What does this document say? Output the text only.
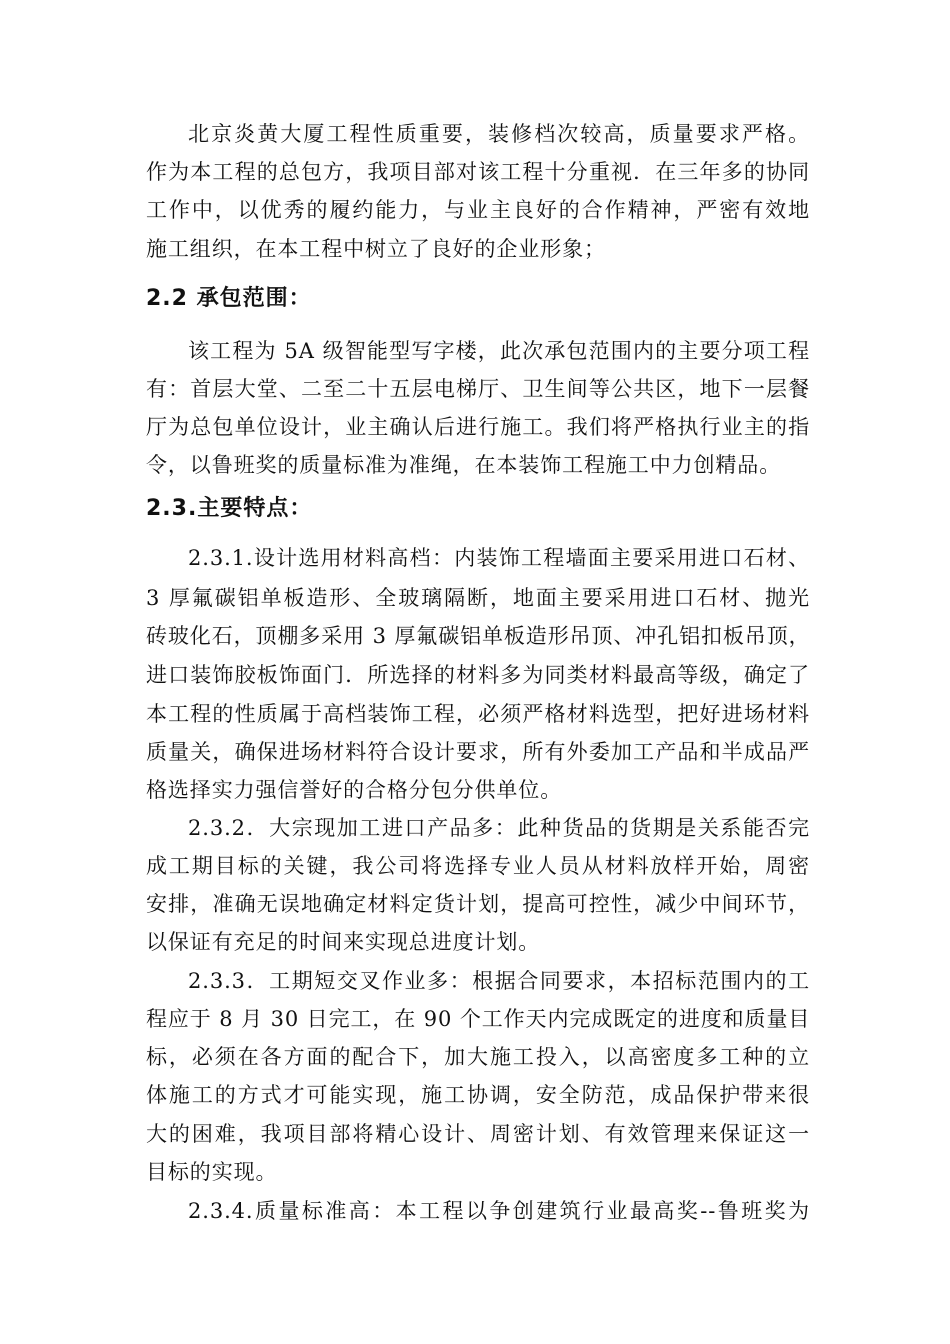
北京炎黄大厦工程性质重要，装修档次较高，质量要求严格。
作为本工程的总包方，我项目部对该工程十分重视．在三年多的协同
工作中，以优秀的履约能力，与业主良好的合作精神，严密有效地
施工组织，在本工程中树立了良好的企业形象；
2.2 承包范围：
该工程为 5A 级智能型写字楼，此次承包范围内的主要分项工程
有：首层大堂、二至二十五层电梯厅、卫生间等公共区，地下一层餐
厅为总包单位设计，业主确认后进行施工。我们将严格执行业主的指
令，以鲁班奖的质量标准为准绳，在本装饰工程施工中力创精品。
2.3.主要特点：
2.3.1.设计选用材料高档：内装饰工程墙面主要采用进口石材、
3 厚氟碳铝单板造形、全玻璃隔断，地面主要采用进口石材、抛光
砖玻化石，顶棚多采用 3 厚氟碳铝单板造形吊顶、冲孔铝扣板吊顶，
进口装饰胶板饰面门．所选择的材料多为同类材料最高等级，确定了
本工程的性质属于高档装饰工程，必须严格材料选型，把好进场材料
质量关，确保进场材料符合设计要求，所有外委加工产品和半成品严
格选择实力强信誉好的合格分包分供单位。
2.3.2．大宗现加工进口产品多：此种货品的货期是关系能否完
成工期目标的关键，我公司将选择专业人员从材料放样开始，周密
安排，准确无误地确定材料定货计划，提高可控性，减少中间环节，
以保证有充足的时间来实现总进度计划。
2.3.3．工期短交叉作业多：根据合同要求，本招标范围内的工
程应于 8 月 30 日完工，在 90 个工作天内完成既定的进度和质量目
标，必须在各方面的配合下，加大施工投入，以高密度多工种的立
体施工的方式才可能实现，施工协调，安全防范，成品保护带来很
大的困难，我项目部将精心设计、周密计划、有效管理来保证这一
目标的实现。
2.3.4.质量标准高：本工程以争创建筑行业最高奖--鲁班奖为
